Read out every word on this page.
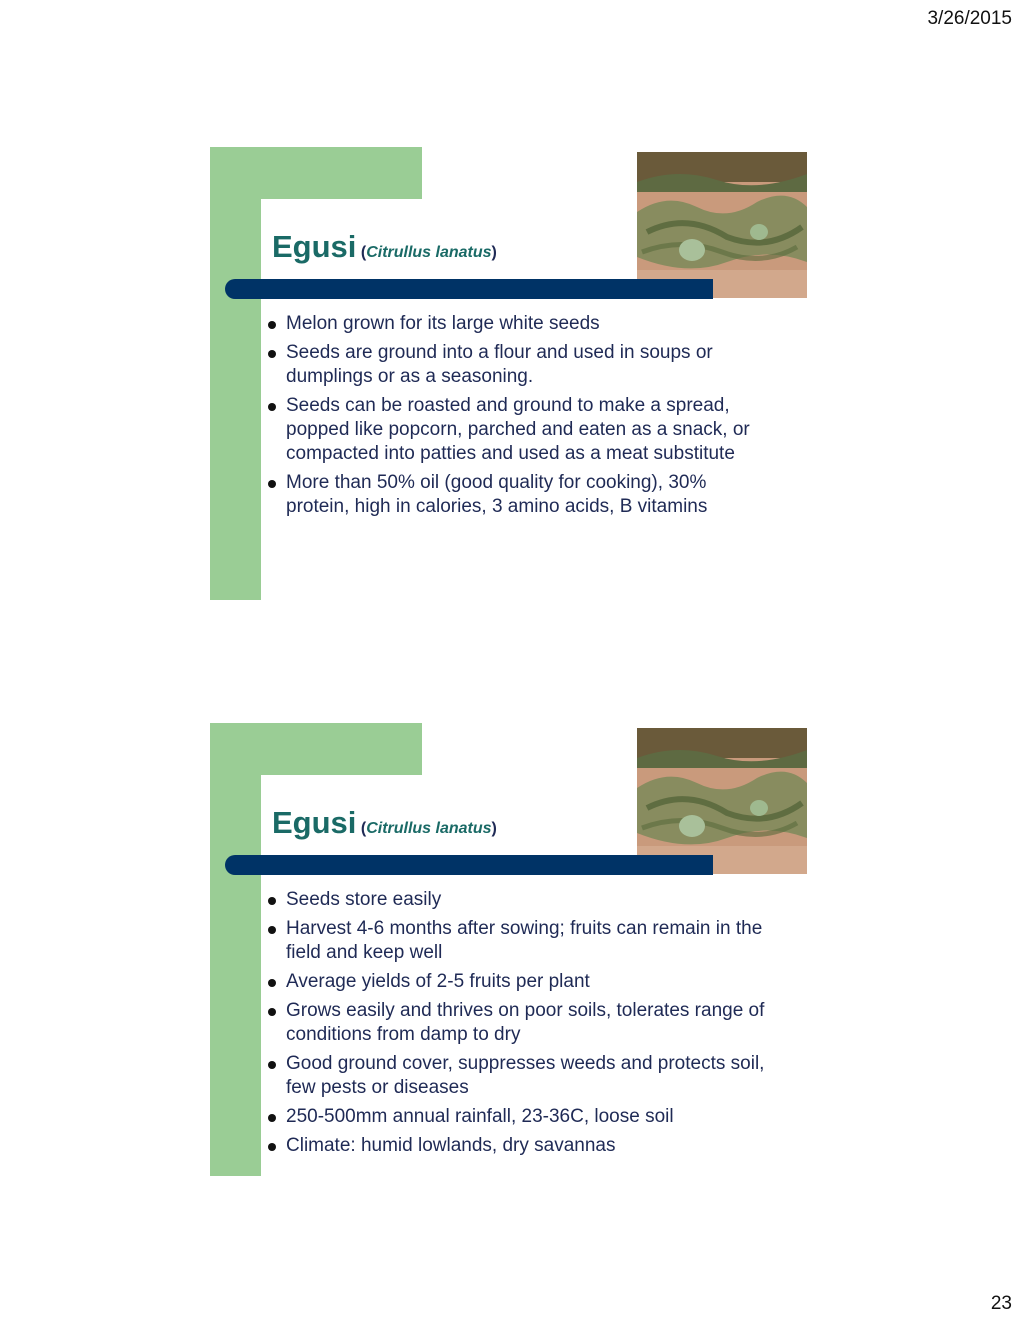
3/26/2015
Egusi (Citrullus lanatus)
Melon grown for its large white seeds
Seeds are ground into a flour and used in soups or dumplings or as a seasoning.
Seeds can be roasted and ground to make a spread, popped like popcorn, parched and eaten as a snack, or compacted into patties and used as a meat substitute
More than 50% oil (good quality for cooking), 30% protein, high in calories, 3 amino acids, B vitamins
Egusi (Citrullus lanatus)
Seeds store easily
Harvest 4-6 months after sowing; fruits can remain in the field and keep well
Average yields of 2-5 fruits per plant
Grows easily and thrives on poor soils, tolerates range of conditions from damp to dry
Good ground cover, suppresses weeds and protects soil, few pests or diseases
250-500mm annual rainfall, 23-36C, loose soil
Climate: humid lowlands, dry savannas
23
